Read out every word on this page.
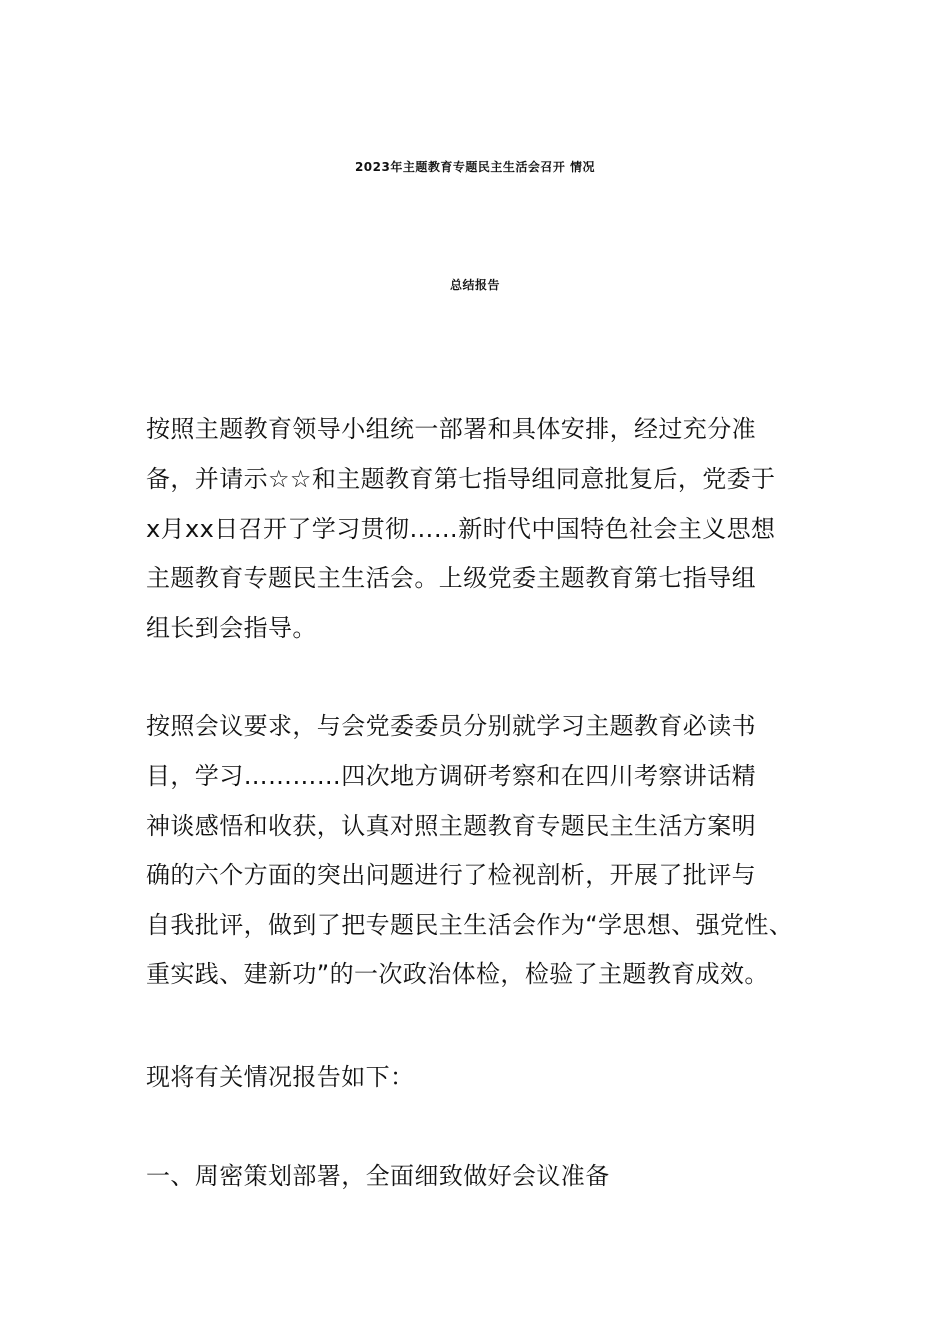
2023年主题教育专题民主生活会召开 情况
总结报告
按照主题教育领导小组统一部署和具体安排，经过充分准
备，并请示☆☆和主题教育第七指导组同意批复后，党委于
x月xx日召开了学习贯彻……新时代中国特色社会主义思想
主题教育专题民主生活会。上级党委主题教育第七指导组
组长到会指导。
按照会议要求，与会党委委员分别就学习主题教育必读书
目，学习…………四次地方调研考察和在四川考察讲话精
神谈感悟和收获，认真对照主题教育专题民主生活方案明
确的六个方面的突出问题进行了检视剖析，开展了批评与
自我批评，做到了把专题民主生活会作为“学思想、强党性、
重实践、建新功”的一次政治体检，检验了主题教育成效。
现将有关情况报告如下：
一、周密策划部署，全面细致做好会议准备
